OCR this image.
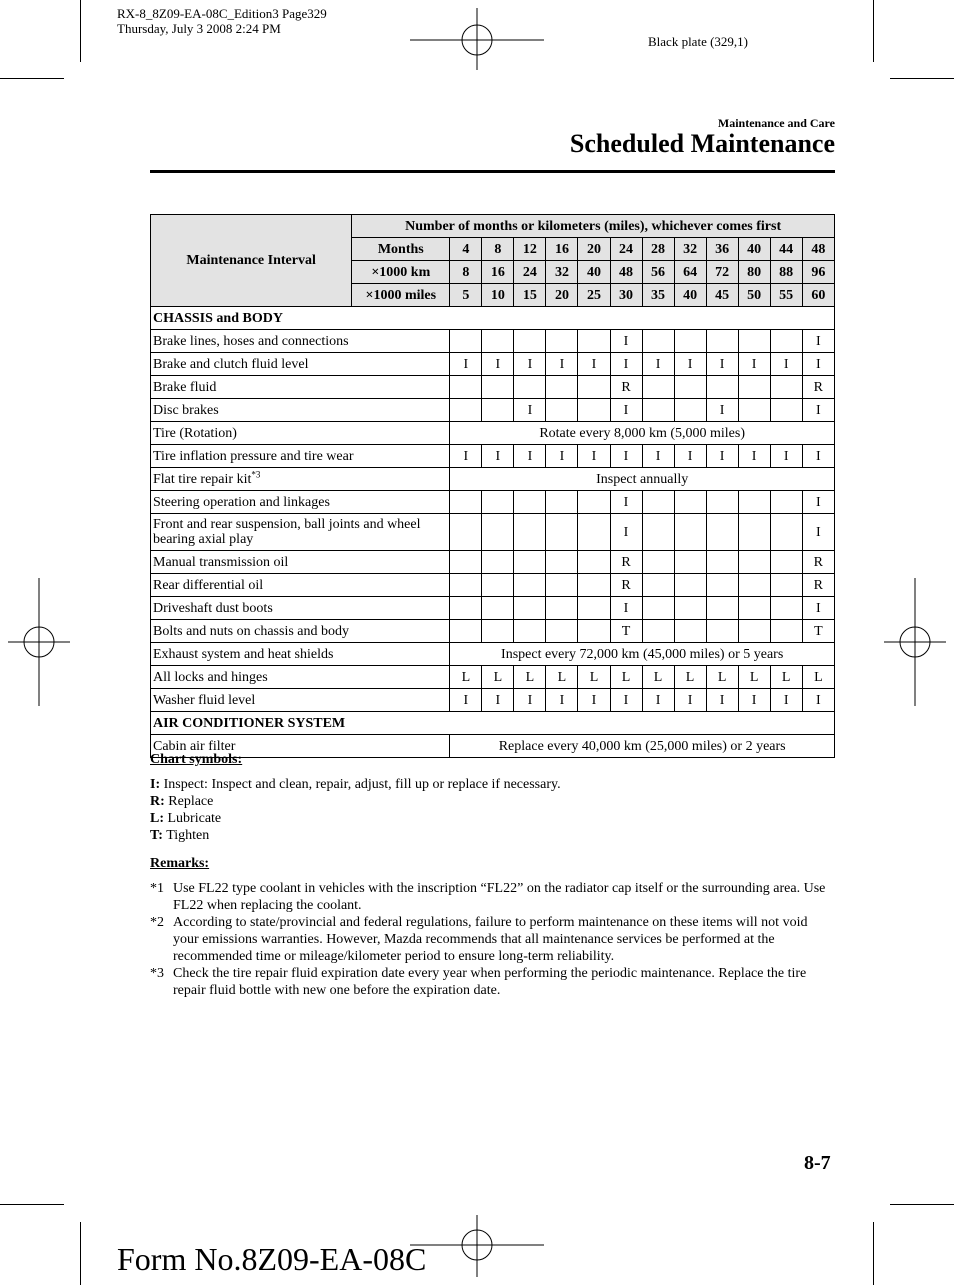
RX-8_8Z09-EA-08C_Edition3 Page329
Thursday, July 3 2008 2:24 PM
Black plate (329,1)
Maintenance and Care
Scheduled Maintenance
Maintenance Interval	Number of months or kilometers (miles), whichever comes first												
	Months	4	8	12	16	20	24	28	32	36	40	44	48
	×1000 km	8	16	24	32	40	48	56	64	72	80	88	96
	×1000 miles	5	10	15	20	25	30	35	40	45	50	55	60
CHASSIS and BODY													
Brake lines, hoses and connections							I						I
Brake and clutch fluid level		I	I	I	I	I	I	I	I	I	I	I	I
Brake fluid							R						R
Disc brakes				I			I			I			I
Tire (Rotation)		Rotate every 8,000 km (5,000 miles)											
Tire inflation pressure and tire wear		I	I	I	I	I	I	I	I	I	I	I	I
Flat tire repair kit$^{*3}$		Inspect annually											
Steering operation and linkages							I						I
Front and rear suspension, ball joints and wheel bearing axial play							I						I
Manual transmission oil							R						R
Rear differential oil							R						R
Driveshaft dust boots							I						I
Bolts and nuts on chassis and body							T						T
Exhaust system and heat shields		Inspect every 72,000 km (45,000 miles) or 5 years											
All locks and hinges		L	L	L	L	L	L	L	L	L	L	L	L
Washer fluid level		I	I	I	I	I	I	I	I	I	I	I	I
AIR CONDITIONER SYSTEM													
Cabin air filter		Replace every 40,000 km (25,000 miles) or 2 years											
Chart symbols:
I: Inspect: Inspect and clean, repair, adjust, fill up or replace if necessary.
R: Replace
L: Lubricate
T: Tighten
Remarks:
*1 Use FL22 type coolant in vehicles with the inscription “FL22” on the radiator cap itself or the surrounding area. Use FL22 when replacing the coolant.
*2 According to state/provincial and federal regulations, failure to perform maintenance on these items will not void your emissions warranties. However, Mazda recommends that all maintenance services be performed at the recommended time or mileage/kilometer period to ensure long-term reliability.
*3 Check the tire repair fluid expiration date every year when performing the periodic maintenance. Replace the tire repair fluid bottle with new one before the expiration date.
8-7
Form No.8Z09-EA-08C
